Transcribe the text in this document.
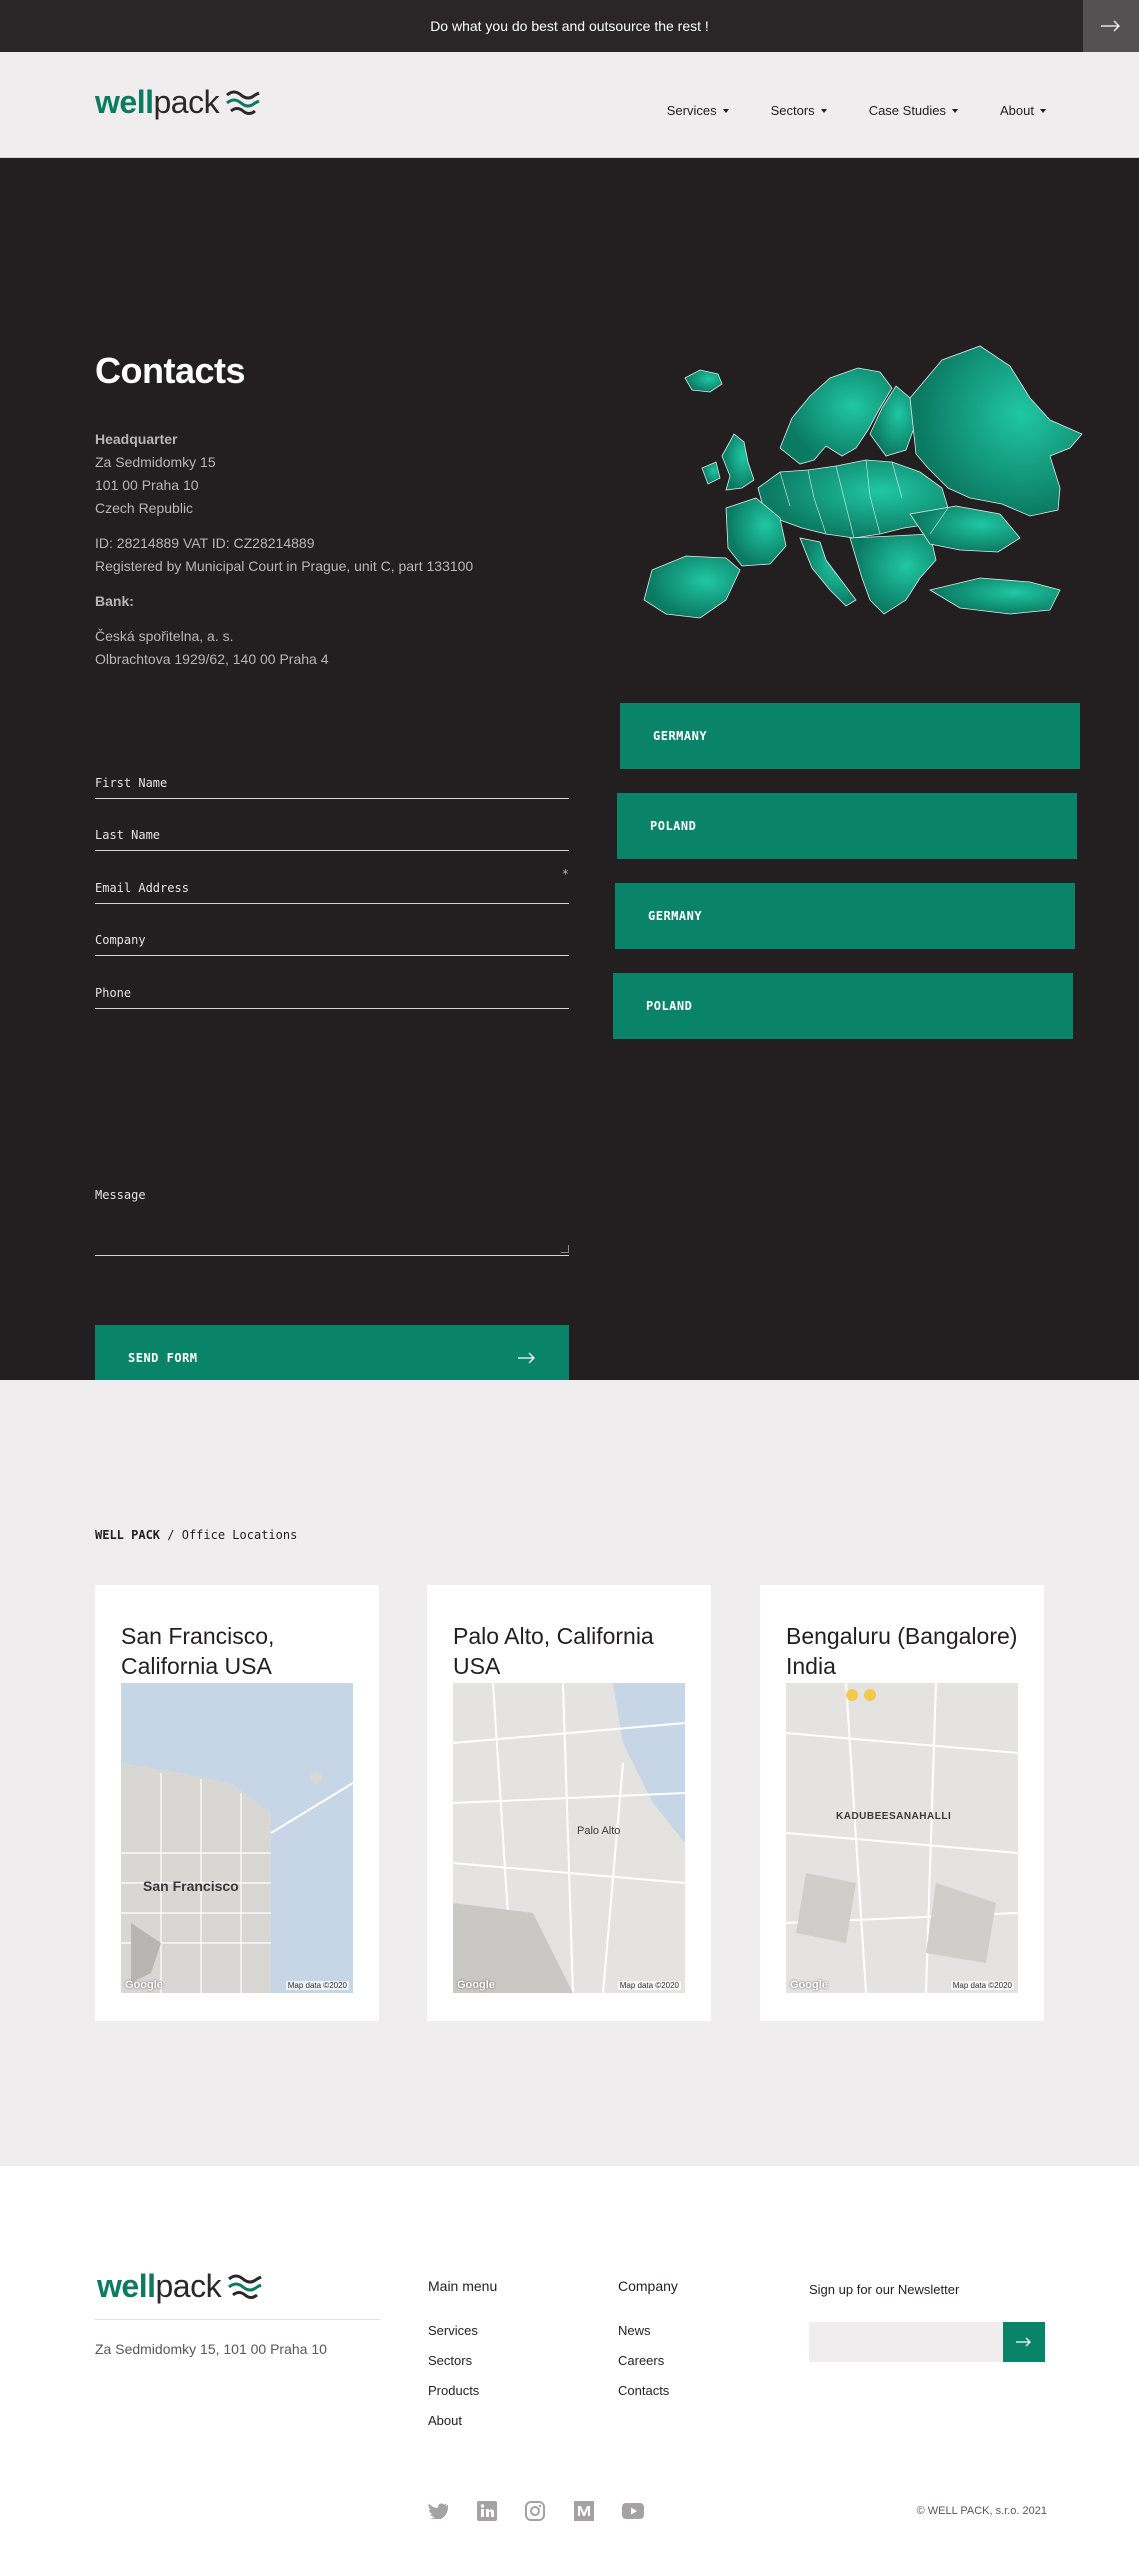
Do what you do best and outsource the rest !
well pack	Services	Sectors	Case Studies	About
Contacts
Headquarter
Za Sedmidomky 15
101 00 Praha 10
Czech Republic
ID: 28214889 VAT ID: CZ28214889
Registered by Municipal Court in Prague, unit C, part 133100
Bank:
Česká spořitelna, a. s.
Olbrachtova 1929/62, 140 00 Praha 4
GERMANY
POLAND
GERMANY
POLAND
First Name
Last Name
Email Address
*
Company
Phone
Message
SEND FORM
WELL PACK / Office Locations
San Francisco, California USA
San Francisco
Google	Map data ©2020
Palo Alto, California USA
Palo Alto
Google	Map data ©2020
Bengaluru (Bangalore) India
KADUBEESANAHALLI
Google	Map data ©2020
well pack
Za Sedmidomky 15, 101 00 Praha 10
Main menu
Services
Sectors
Products
About
Company
News
Careers
Contacts
Sign up for our Newsletter
© WELL PACK, s.r.o. 2021
